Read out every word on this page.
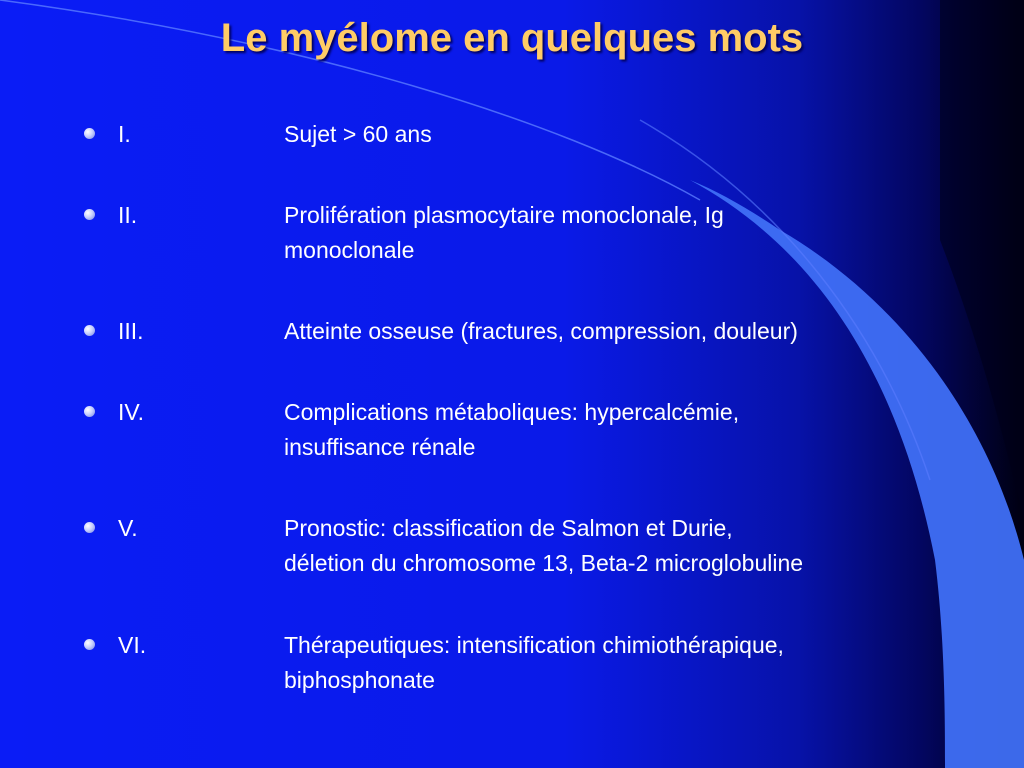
Le myélome en quelques mots
I.	Sujet > 60 ans
II.	Prolifération plasmocytaire monoclonale, Ig
monoclonale
III.	Atteinte osseuse (fractures, compression, douleur)
IV.	Complications métaboliques: hypercalcémie,
insuffisance rénale
V.	Pronostic: classification de Salmon et Durie,
déletion du chromosome 13, Beta-2 microglobuline
VI.	Thérapeutiques: intensification chimiothérapique,
biphosphonate
